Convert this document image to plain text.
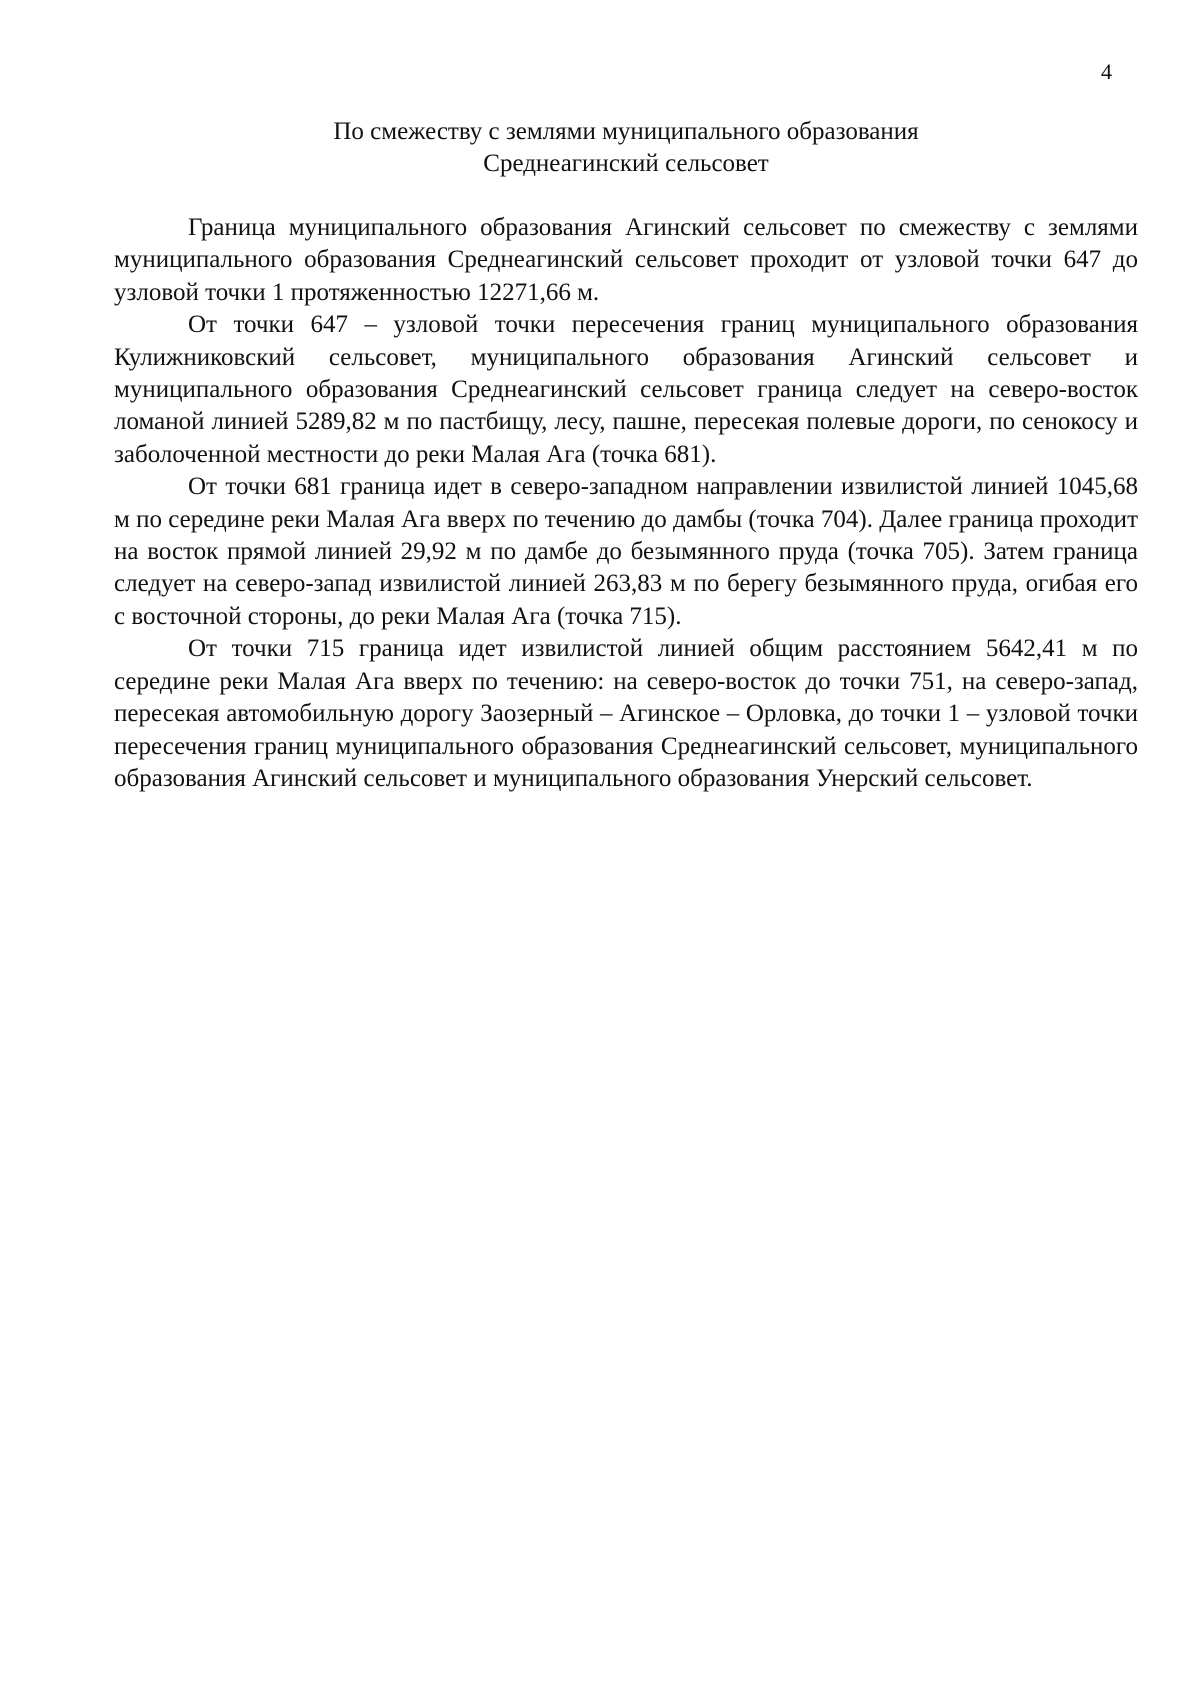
4
По смежеству с землями муниципального образования
Среднеагинский сельсовет

Граница муниципального образования Агинский сельсовет по смежеству с землями муниципального образования Среднеагинский сельсовет проходит от узловой точки 647 до узловой точки 1 протяженностью 12271,66 м.

От точки 647 – узловой точки пересечения границ муниципального образования Кулижниковский сельсовет, муниципального образования Агинский сельсовет и муниципального образования Среднеагинский сельсовет граница следует на северо-восток ломаной линией 5289,82 м по пастбищу, лесу, пашне, пересекая полевые дороги, по сенокосу и заболоченной местности до реки Малая Ага (точка 681).

От точки 681 граница идет в северо-западном направлении извилистой линией 1045,68 м по середине реки Малая Ага вверх по течению до дамбы (точка 704). Далее граница проходит на восток прямой линией 29,92 м по дамбе до безымянного пруда (точка 705). Затем граница следует на северо-запад извилистой линией 263,83 м по берегу безымянного пруда, огибая его с восточной стороны, до реки Малая Ага (точка 715).

От точки 715 граница идет извилистой линией общим расстоянием 5642,41 м по середине реки Малая Ага вверх по течению: на северо-восток до точки 751, на северо-запад, пересекая автомобильную дорогу Заозерный – Агинское – Орловка, до точки 1 – узловой точки пересечения границ муниципального образования Среднеагинский сельсовет, муниципального образования Агинский сельсовет и муниципального образования Унерский сельсовет.
